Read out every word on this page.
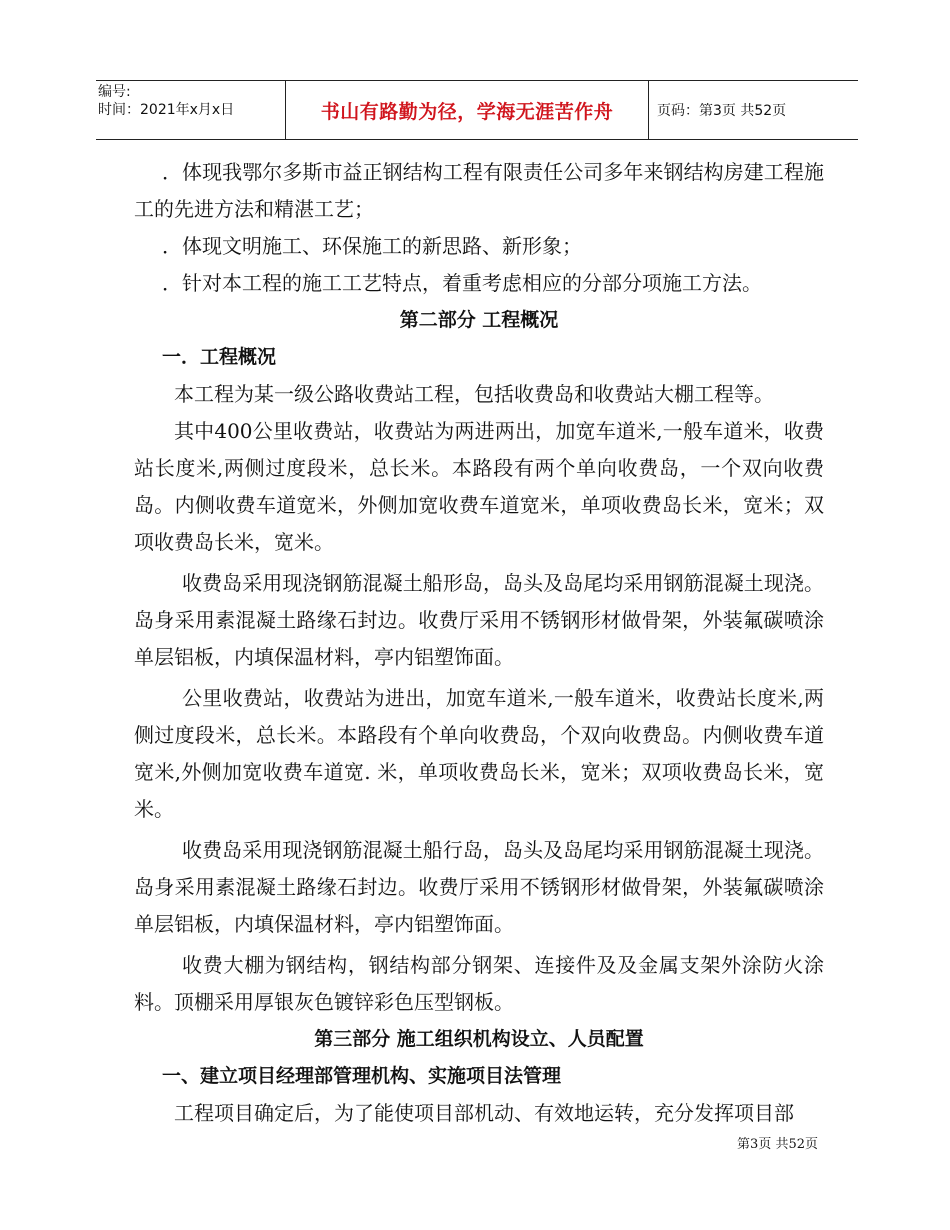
编号:
时间：2021年x月x日	书山有路勤为径，学海无涯苦作舟	页码：第3页 共52页

．体现我鄂尔多斯市益正钢结构工程有限责任公司多年来钢结构房建工程施工的先进方法和精湛工艺；

．体现文明施工、环保施工的新思路、新形象；

．针对本工程的施工工艺特点，着重考虑相应的分部分项施工方法。

第二部分 工程概况

一．工程概况

本工程为某一级公路收费站工程，包括收费岛和收费站大棚工程等。

其中400公里收费站，收费站为两进两出，加宽车道米,一般车道米，收费站长度米,两侧过度段米，总长米。本路段有两个单向收费岛，一个双向收费岛。内侧收费车道宽米，外侧加宽收费车道宽米，单项收费岛长米，宽米；双项收费岛长米，宽米。

收费岛采用现浇钢筋混凝土船形岛，岛头及岛尾均采用钢筋混凝土现浇。岛身采用素混凝土路缘石封边。收费厅采用不锈钢形材做骨架，外装氟碳喷涂单层铝板，内填保温材料，亭内铝塑饰面。

公里收费站，收费站为进出，加宽车道米,一般车道米，收费站长度米,两侧过度段米，总长米。本路段有个单向收费岛，个双向收费岛。内侧收费车道宽米,外侧加宽收费车道宽. 米，单项收费岛长米，宽米；双项收费岛长米，宽米。

收费岛采用现浇钢筋混凝土船行岛，岛头及岛尾均采用钢筋混凝土现浇。岛身采用素混凝土路缘石封边。收费厅采用不锈钢形材做骨架，外装氟碳喷涂单层铝板，内填保温材料，亭内铝塑饰面。

收费大棚为钢结构，钢结构部分钢架、连接件及及金属支架外涂防火涂料。顶棚采用厚银灰色镀锌彩色压型钢板。

第三部分 施工组织机构设立、人员配置

一、建立项目经理部管理机构、实施项目法管理

工程项目确定后，为了能使项目部机动、有效地运转，充分发挥项目部

第3页 共52页
